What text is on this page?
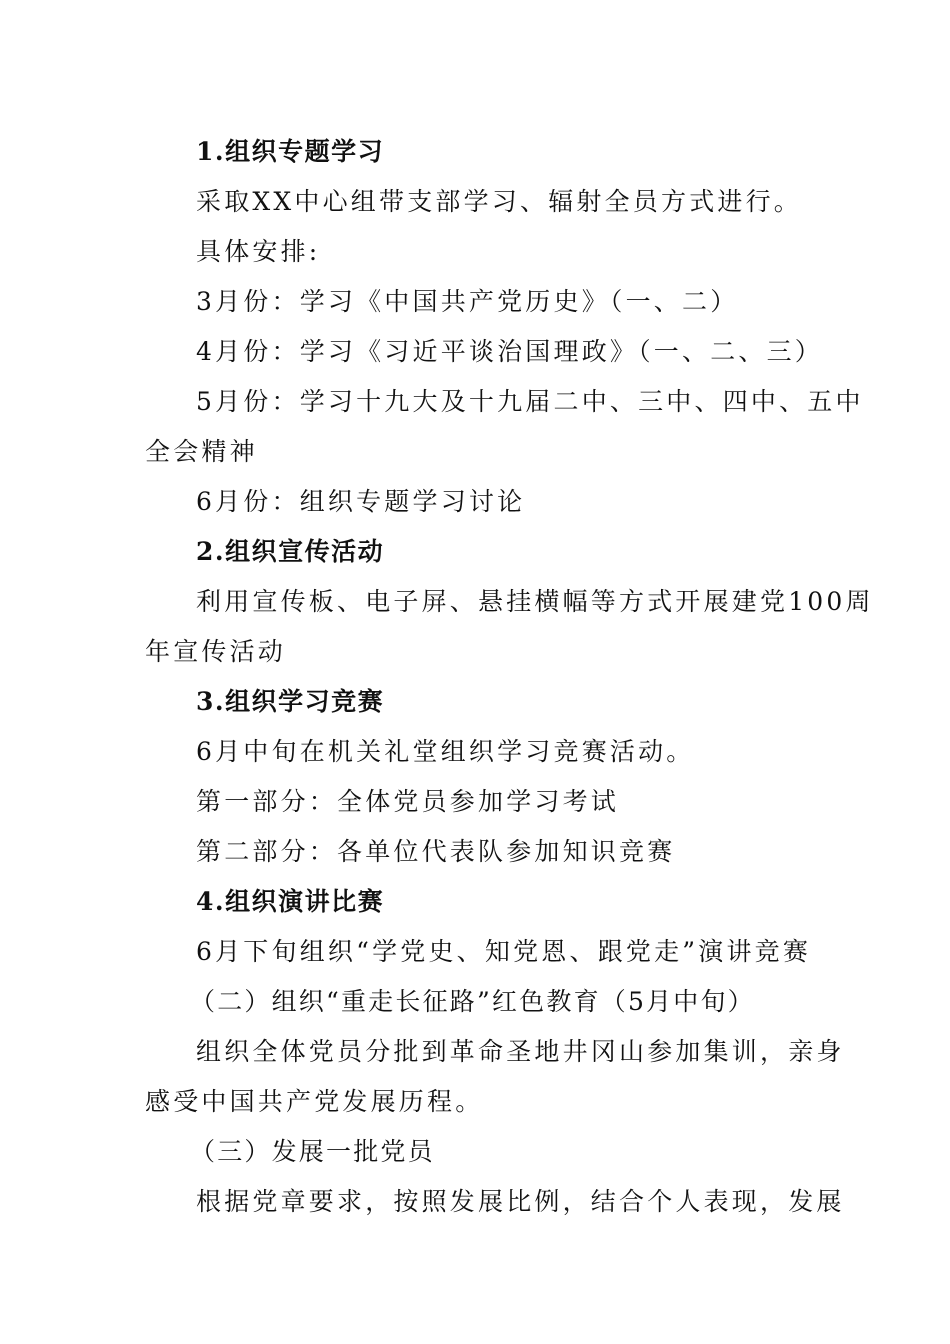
1.组织专题学习
采取XX中心组带支部学习、辐射全员方式进行。
具体安排:
3月份：学习《中国共产党历史》（一、二）
4月份：学习《习近平谈治国理政》（一、二、三）
5月份：学习十九大及十九届二中、三中、四中、五中
全会精神
6月份：组织专题学习讨论
2.组织宣传活动
利用宣传板、电子屏、悬挂横幅等方式开展建党100周
年宣传活动
3.组织学习竞赛
6月中旬在机关礼堂组织学习竞赛活动。
第一部分：全体党员参加学习考试
第二部分：各单位代表队参加知识竞赛
4.组织演讲比赛
6月下旬组织“学党史、知党恩、跟党走”演讲竞赛
（二）组织“重走长征路”红色教育（5月中旬）
组织全体党员分批到革命圣地井冈山参加集训，亲身
感受中国共产党发展历程。
（三）发展一批党员
根据党章要求，按照发展比例，结合个人表现，发展
